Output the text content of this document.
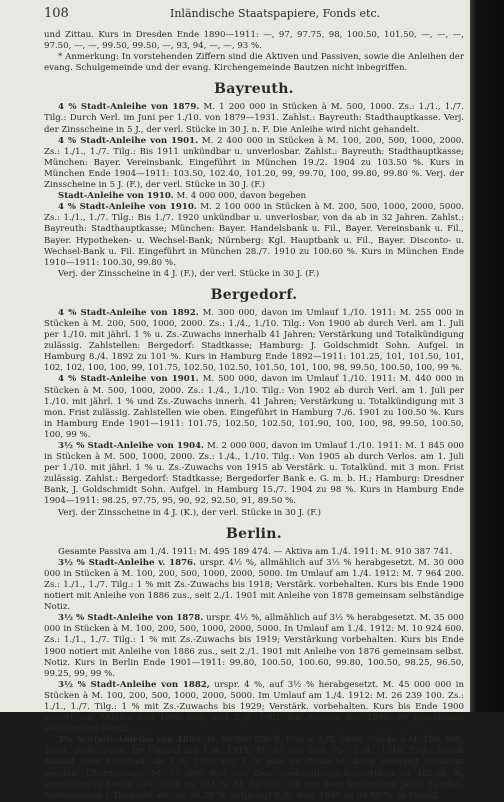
108	Inländische Staatspapiere, Fonds etc.

und Zittau. Kurs in Dresden Ende 1890—1911: —, 97, 97.75, 98, 100.50, 101.50, —, —, —, 97.50, —, —, 99.50, 99.50, —, 93, 94, —, —, 93 %.

* Anmerkung: In vorstehenden Ziffern sind die Aktiven und Passiven, sowie die Anleihen der evang. Schulgemeinde und der evang. Kirchengemeinde Bautzen nicht inbegriffen.

Bayreuth.

4 % Stadt-Anleihe von 1879. M. 1 200 000 in Stücken à M. 500, 1000. Zs.: 1./1., 1./7. Tilg.: Durch Verl. im Juni per 1./10. von 1879—1931. Zahlst.: Bayreuth: Stadthauptkasse. Verj. der Zinsscheine in 5 J., der verl. Stücke in 30 J. n. F. Die Anleihe wird nicht gehandelt.

4 % Stadt-Anleihe von 1901. M. 2 400 000 in Stücken à M. 100, 200, 500, 1000, 2000. Zs.: 1./1., 1./7. Tilg.: Bis 1911 unkündbar u. unverlosbar. Zahlst.: Bayreuth: Stadthauptkasse; München: Bayer. Vereinsbank. Eingeführt in München 19./2. 1904 zu 103.50 %. Kurs in München Ende 1904—1911: 103.50, 102.40, 101.20, 99, 99.70, 100, 99.80, 99.80 %. Verj. der Zinsscheine in 5 J. (F.), der verl. Stücke in 30 J. (F.)

Stadt-Anleihe von 1910. M. 4 000 000, davon begeben

4 % Stadt-Anleihe von 1910. M. 2 100 000 in Stücken à M. 200, 500, 1000, 2000, 5000. Zs.: 1./1., 1./7. Tilg.: Bis 1./7. 1920 unkündbar u. unverlosbar, von da ab in 32 Jahren. Zahlst.: Bayreuth: Stadthauptkasse; München: Bayer. Handelsbank u. Fil., Bayer. Vereinsbank u. Fil., Bayer. Hypotheken- u. Wechsel-Bank; Nürnberg: Kgl. Hauptbank u. Fil., Bayer. Disconto- u. Wechsel-Bank u. Fil. Eingeführt in München 28./7. 1910 zu 100.60 %. Kurs in München Ende 1910—1911: 100.30, 99.80 %.

Verj. der Zinsscheine in 4 J. (F.), der verl. Stücke in 30 J. (F.)

Bergedorf.

4 % Stadt-Anleihe von 1892. M. 300 000, davon im Umlauf 1./10. 1911: M. 255 000 in Stücken à M. 200, 500, 1000, 2000. Zs.: 1./4., 1./10. Tilg.: Von 1900 ab durch Verl. am 1. Juli per 1./10. mit jährl. 1 % u. Zs.-Zuwachs innerhalb 41 Jahren; Verstärkung und Totalkündigung zulässig. Zahlstellen: Bergedorf: Stadtkasse; Hamburg: J. Goldschmidt Sohn. Aufgel. in Hamburg 8./4. 1892 zu 101 %. Kurs in Hamburg Ende 1892—1911: 101.25, 101, 101.50, 101, 102, 102, 100, 100, 99, 101.75, 102.50, 102.50, 101.50, 101, 100, 98, 99.50, 100.50, 100, 99 %.

4 % Stadt-Anleihe von 1901. M. 500 000, davon im Umlauf 1./10. 1911: M. 440 000 in Stücken à M. 500, 1000, 2000. Zs.: 1./4., 1./10. Tilg.: Von 1902 ab durch Verl. am 1. Juli per 1./10. mit jährl. 1 % und Zs.-Zuwachs innerh. 41 Jahren; Verstärkung u. Totalkündigung mit 3 mon. Frist zulässig. Zahlstellen wie oben. Eingeführt in Hamburg 7./6. 1901 zu 100.50 %. Kurs in Hamburg Ende 1901—1911: 101.75, 102.50, 102.50, 101.90, 100, 100, 98, 99.50, 100.50, 100, 99 %.

3½ % Stadt-Anleihe von 1904. M. 2 000 000, davon im Umlauf 1./10. 1911: M. 1 845 000 in Stücken à M. 500, 1000, 2000. Zs.: 1./4., 1./10. Tilg.: Von 1905 ab durch Verlos. am 1. Juli per 1./10. mit jährl. 1 % u. Zs.-Zuwachs von 1915 ab Verstärk. u. Totalkünd. mit 3 mon. Frist zulässig. Zahlst.: Bergedorf: Stadtkasse; Bergedorfer Bank e. G. m. b. H.; Hamburg: Dresdner Bank, J. Goldschmidt Sohn. Aufgel. in Hamburg 15./7. 1904 zu 98 %. Kurs in Hamburg Ende 1904—1911: 98.25, 97.75, 95, 90, 92, 92.50, 91, 89.50 %.

Verj. der Zinsscheine in 4 J. (K.), der verl. Stücke in 30 J. (F.)

Berlin.

Gesamte Passiva am 1./4. 1911: M. 495 189 474. — Aktiva am 1./4. 1911: M. 910 387 741.

3½ % Stadt-Anleihe v. 1876. urspr. 4½ %, allmählich auf 3½ % herabgesetzt. M. 30 000 000 in Stücken à M. 100, 200, 500, 1000, 2000, 5000. Im Umlauf am 1./4. 1912: M. 7 964 200. Zs.: 1./1., 1./7. Tilg.: 1 % mit Zs.-Zuwachs bis 1918; Verstärk. vorbehalten. Kurs bis Ende 1900 notiert mit Anleihe von 1886 zus., seit 2./1. 1901 mit Anleihe von 1878 gemeinsam selbständige Notiz.

3½ % Stadt-Anleihe von 1878. urspr. 4½ %, allmählich auf 3½ % herabgesetzt. M. 35 000 000 in Stücken à M. 100, 200, 500, 1000, 2000, 5000. In Umlauf am 1./4. 1912: M. 10 924 600. Zs.: 1./1., 1./7. Tilg.: 1 % mit Zs.-Zuwachs bis 1919; Verstärkung vorbehalten. Kurs bis Ende 1900 notiert mit Anleihe von 1886 zus., seit 2./1. 1901 mit Anleihe von 1876 gemeinsam selbst. Notiz. Kurs in Berlin Ende 1901—1911: 99.80, 100.50, 100.60, 99.80, 100.50, 98.25, 96.50, 99.25, 99, 99 %.

3½ % Stadt-Anleihe von 1882, urspr. 4 %, auf 3½ % herabgesetzt. M. 45 000 000 in Stücken à M. 100, 200, 500, 1000, 2000, 5000. Im Umlauf am 1./4. 1912: M. 26 239 100. Zs.: 1./1., 1./7. Tilg.: 1 % mit Zs.-Zuwachs bis 1929; Verstärk. vorbehalten. Kurs bis Ende 1900 notiert mit Anleihe von 1886 zus., seit 2./1. 1901 mit Anleihe von 1886—98 gemeinsam selbständige Notiz.

3½ % Stadt-Anleihe von 1886. M. 50 000 000 lt. Priv. v. 5./5. 1886. Stücke à M. 100, 500, 1000, 2000, 5000. Im Umlauf am 1./4. 1912: M. 32 638 000. Zs.: 1./4., 1./10. Tilg.: Durch Ankauf oder Pari-Ausl. ab 1./4. 1890 mit 1 % plus Zs.-Zuwachs; kann jederzeit verstärkt werden. Übernommen M. 15 000 000 von dem Seehandlungs-Konsortium zu 102.60 %, eingeführt in Berlin 1./9. 1886 zu 103 %; M. 10 000 000 von dem Konsortium Jacob Landau, Nationalbank f. Deutschl. etc. zu 98.30 %, aufgelegt 8./9. Aug. 1887 zu 98.80 %, in Frankf.
